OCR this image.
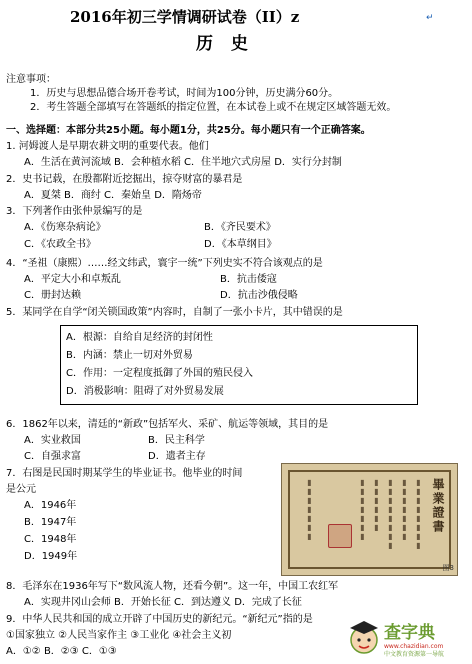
2016年初三学情调研试卷（II）z	↵
历 史
注意事项：
1．历史与思想品德合场开卷考试，时间为100分钟，历史满分60分。
2．考生答题全部填写在答题纸的指定位置，在本试卷上或不在规定区域答题无效。
一、选择题：本部分共25小题。每小题1分，共25分。每小题只有一个正确答案。
1. 河姆渡人是早期农耕文明的重要代表。他们
A．生活在黄河流域 B．会种植水稻 C．住半地穴式房屋 D．实行分封制
2．史书记载，在殷都附近挖掘出，掠夺财富的暴君是
A．夏桀 B．商纣 C．秦始皇 D．隋炀帝
3．下列著作由张仲景编写的是
A．《伤寒杂病论》	B．《齐民要术》
C．《农政全书》	D．《本草纲目》
4．“圣祖（康熙）……经文纬武，寰宇一统”下列史实不符合该观点的是
A．平定大小和卓叛乱	B．抗击倭寇
C．册封达赖	D．抗击沙俄侵略
5．某同学在自学“闭关锁国政策”内容时，自制了一张小卡片，其中错误的是
A．根源：自给自足经济的封闭性
B．内涵：禁止一切对外贸易
C．作用：一定程度抵御了外国的殖民侵入
D．消极影响：阻碍了对外贸易发展
6．1862年以来，清廷的“新政”包括军火、采矿、航运等领域，其目的是
A．实业救国	B．民主科学
C．自强求富	D．遗者主存
7．右图是民国时期某学生的毕业证书。他毕业的时间
是公元
A．1946年
B．1947年
C．1948年
D．1949年
畢業證書
▮▮▮▮▮▮▮▮
▮▮▮▮▮▮▮
▮▮▮▮▮▮▮▮
▮▮▮▮▮▮
▮▮▮▮▮▮▮
▮▮▮▮▮▮▮
图3
8．毛泽东在1936年写下“数风流人物，还看今朝”。这一年，中国工农红军
A．实现井冈山会师 B．开始长征 C．到达遵义 D．完成了长征
9．中华人民共和国的成立开辟了中国历史的新纪元。“新纪元”指的是
①国家独立 ②人民当家作主 ③工业化 ④社会主义初
A．①② B．②③ C．①③
查字典
www.chazidian.com
中文教育资源第一导航
